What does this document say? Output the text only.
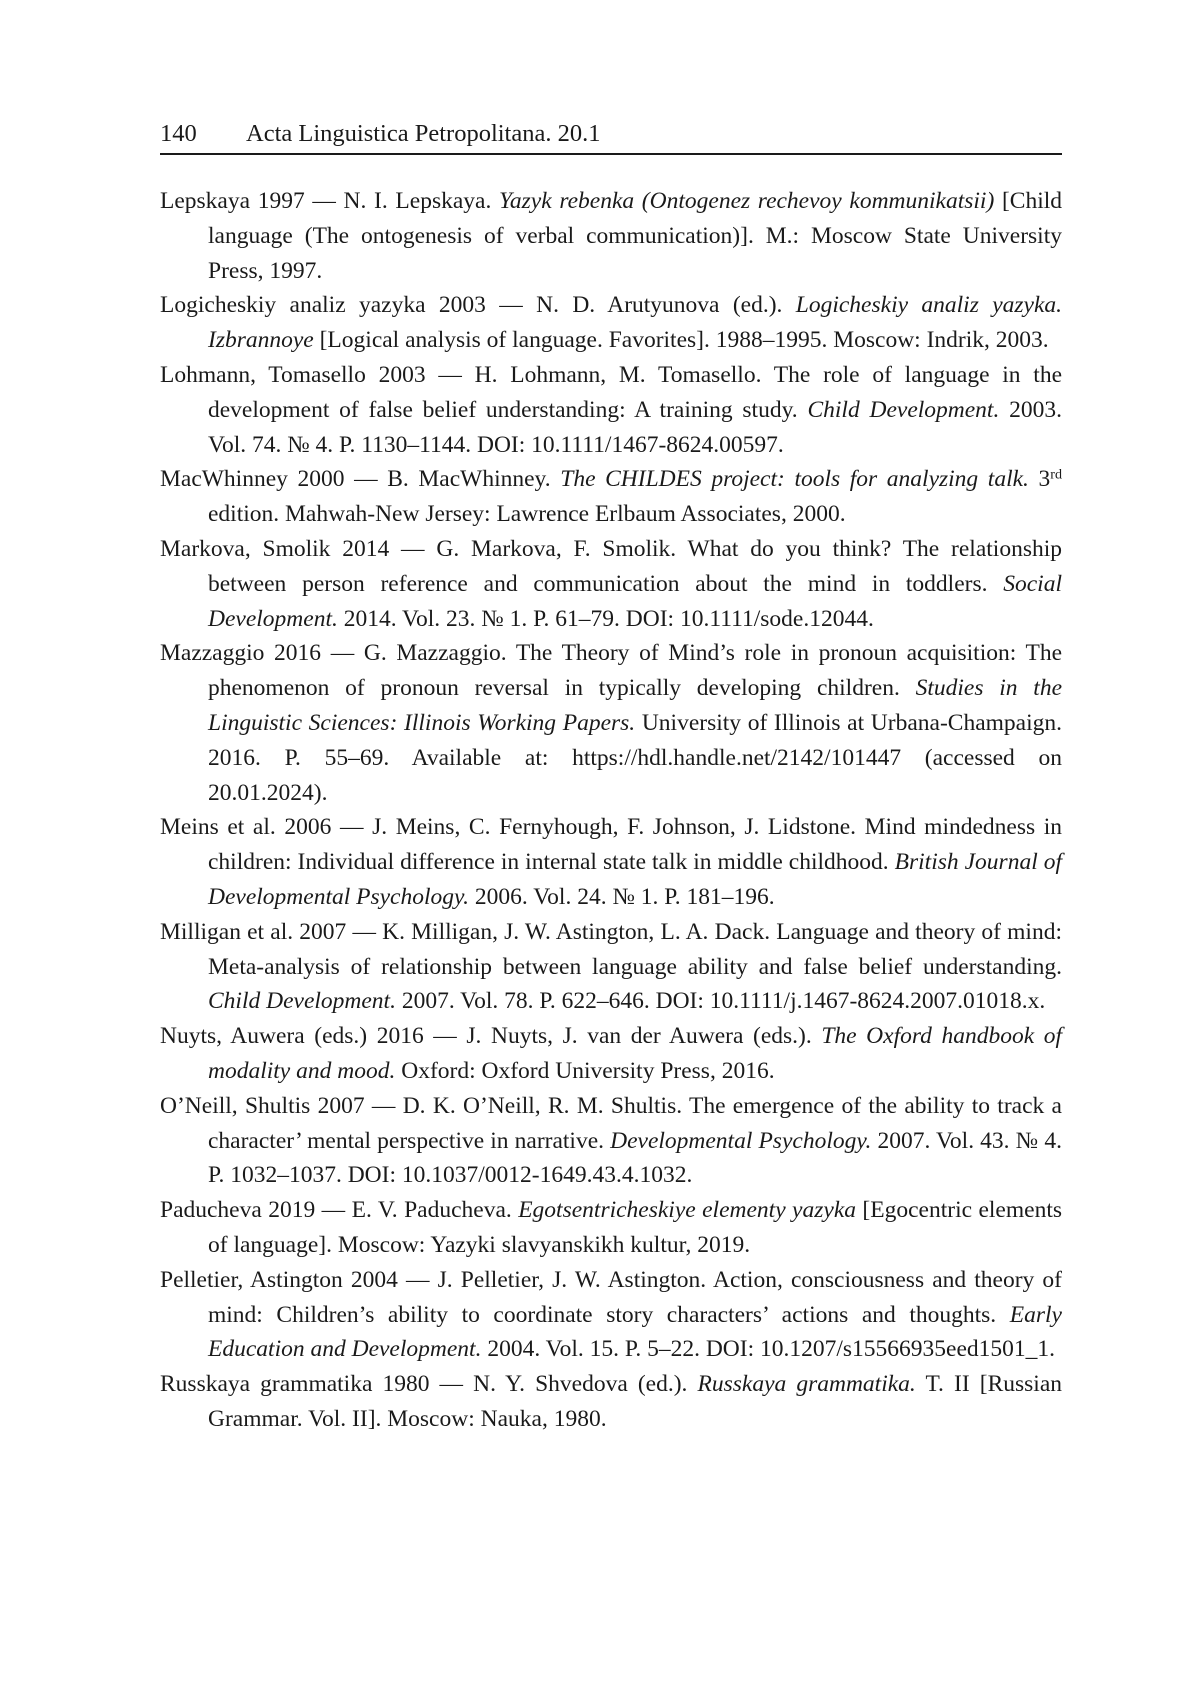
140 Acta Linguistica Petropolitana. 20.1

Lepskaya 1997 — N. I. Lepskaya. Yazyk rebenka (Ontogenez rechevoy kommunikatsii) [Child language (The ontogenesis of verbal communication)]. M.: Moscow State University Press, 1997.

Logicheskiy analiz yazyka 2003 — N. D. Arutyunova (ed.). Logicheskiy analiz yazyka. Izbrannoye [Logical analysis of language. Favorites]. 1988–1995. Moscow: Indrik, 2003.

Lohmann, Tomasello 2003 — H. Lohmann, M. Tomasello. The role of language in the development of false belief understanding: A training study. Child Development. 2003. Vol. 74. № 4. P. 1130–1144. DOI: 10.1111/1467-8624.00597.

MacWhinney 2000 — B. MacWhinney. The CHILDES project: tools for analyzing talk. 3rd edition. Mahwah-New Jersey: Lawrence Erlbaum Associates, 2000.

Markova, Smolik 2014 — G. Markova, F. Smolik. What do you think? The relationship between person reference and communication about the mind in toddlers. Social Development. 2014. Vol. 23. № 1. P. 61–79. DOI: 10.1111/sode.12044.

Mazzaggio 2016 — G. Mazzaggio. The Theory of Mind’s role in pronoun acquisition: The phenomenon of pronoun reversal in typically developing children. Studies in the Linguistic Sciences: Illinois Working Papers. University of Illinois at Urbana-Champaign. 2016. P. 55–69. Available at: https://hdl.handle.net/2142/101447 (accessed on 20.01.2024).

Meins et al. 2006 — J. Meins, C. Fernyhough, F. Johnson, J. Lidstone. Mind mindedness in children: Individual difference in internal state talk in middle childhood. British Journal of Developmental Psychology. 2006. Vol. 24. № 1. P. 181–196.

Milligan et al. 2007 — K. Milligan, J. W. Astington, L. A. Dack. Language and theory of mind: Meta-analysis of relationship between language ability and false belief understanding. Child Development. 2007. Vol. 78. P. 622–646. DOI: 10.1111/j.1467-8624.2007.01018.x.

Nuyts, Auwera (eds.) 2016 — J. Nuyts, J. van der Auwera (eds.). The Oxford handbook of modality and mood. Oxford: Oxford University Press, 2016.

O’Neill, Shultis 2007 — D. K. O’Neill, R. M. Shultis. The emergence of the ability to track a character’ mental perspective in narrative. Developmental Psychology. 2007. Vol. 43. № 4. P. 1032–1037. DOI: 10.1037/0012-1649.43.4.1032.

Paducheva 2019 — E. V. Paducheva. Egotsentricheskiye elementy yazyka [Egocentric elements of language]. Moscow: Yazyki slavyanskikh kultur, 2019.

Pelletier, Astington 2004 — J. Pelletier, J. W. Astington. Action, consciousness and theory of mind: Children’s ability to coordinate story characters’ actions and thoughts. Early Education and Development. 2004. Vol. 15. P. 5–22. DOI: 10.1207/s15566935eed1501_1.

Russkaya grammatika 1980 — N. Y. Shvedova (ed.). Russkaya grammatika. T. II [Russian Grammar. Vol. II]. Moscow: Nauka, 1980.
